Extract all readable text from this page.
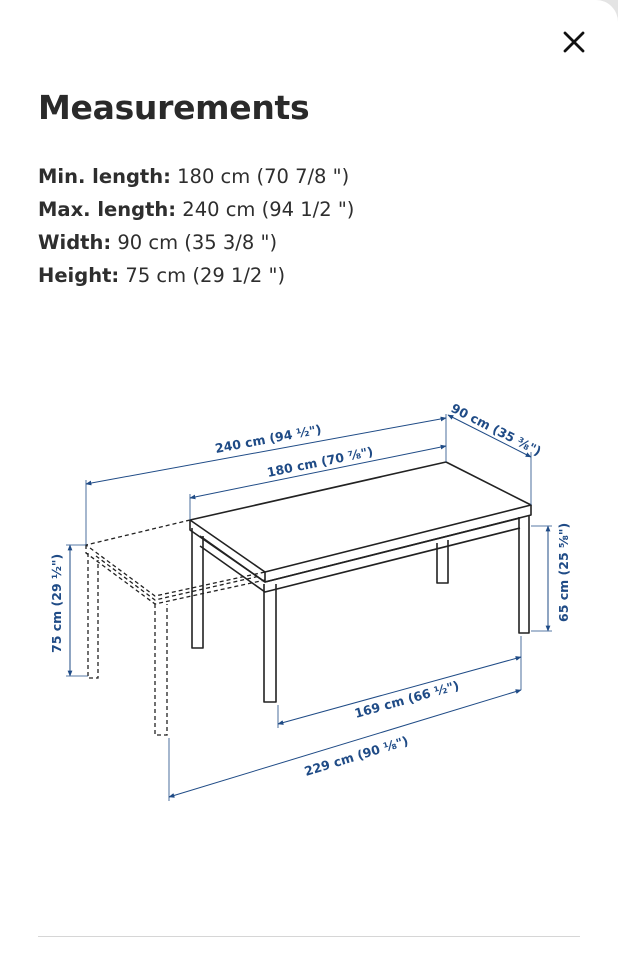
Measurements
Min. length: 180 cm (70 7/8 ")
Max. length: 240 cm (94 1/2 ")
Width: 90 cm (35 3/8 ")
Height: 75 cm (29 1/2 ")
240 cm (94 ½")
180 cm (70 ⅞")
90 cm (35 ⅜")
75 cm (29 ½")	65 cm (25 ⅝")
169 cm (66 ½")
229 cm (90 ⅛")
